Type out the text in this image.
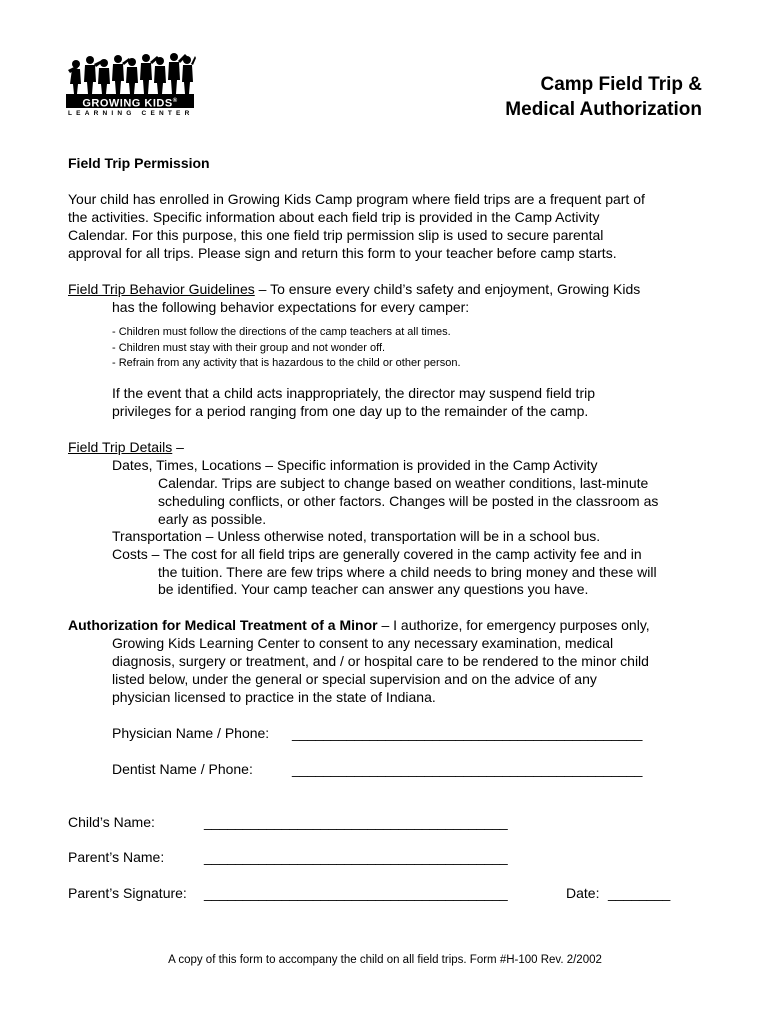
GROWING KIDS®
LEARNING CENTER
Camp Field Trip &
Medical Authorization
Field Trip Permission
Your child has enrolled in Growing Kids Camp program where field trips are a frequent part of
the activities. Specific information about each field trip is provided in the Camp Activity
Calendar. For this purpose, this one field trip permission slip is used to secure parental
approval for all trips. Please sign and return this form to your teacher before camp starts.
Field Trip Behavior Guidelines – To ensure every child’s safety and enjoyment, Growing Kids
has the following behavior expectations for every camper:
- Children must follow the directions of the camp teachers at all times.
- Children must stay with their group and not wonder off.
- Refrain from any activity that is hazardous to the child or other person.
If the event that a child acts inappropriately, the director may suspend field trip
privileges for a period ranging from one day up to the remainder of the camp.
Field Trip Details –
Dates, Times, Locations – Specific information is provided in the Camp Activity
Calendar. Trips are subject to change based on weather conditions, last-minute
scheduling conflicts, or other factors. Changes will be posted in the classroom as
early as possible.
Transportation – Unless otherwise noted, transportation will be in a school bus.
Costs – The cost for all field trips are generally covered in the camp activity fee and in
the tuition. There are few trips where a child needs to bring money and these will
be identified. Your camp teacher can answer any questions you have.
Authorization for Medical Treatment of a Minor – I authorize, for emergency purposes only,
Growing Kids Learning Center to consent to any necessary examination, medical
diagnosis, surgery or treatment, and / or hospital care to be rendered to the minor child
listed below, under the general or special supervision and on the advice of any
physician licensed to practice in the state of Indiana.
Physician Name / Phone: _____________________________________________
Dentist Name / Phone:	_____________________________________________
Child’s Name:	_______________________________________
Parent’s Name:	_______________________________________
Parent’s Signature: _______________________________________	Date: ________
A copy of this form to accompany the child on all field trips. Form #H-100 Rev. 2/2002
